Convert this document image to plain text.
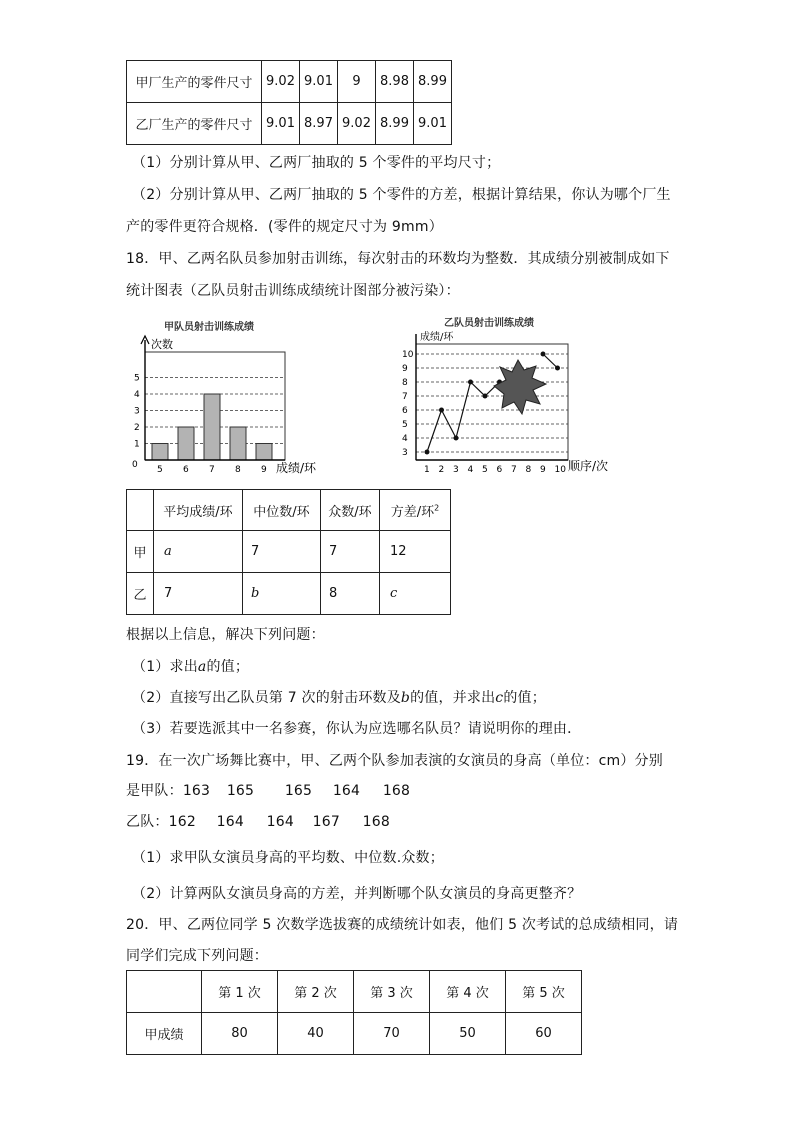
甲厂生产的零件尺寸	9.02	9.01	9	8.98	8.99
乙厂生产的零件尺寸	9.01	8.97	9.02	8.99	9.01
（1）分别计算从甲、乙两厂抽取的 5 个零件的平均尺寸；
（2）分别计算从甲、乙两厂抽取的 5 个零件的方差，根据计算结果，你认为哪个厂生
产的零件更符合规格．(零件的规定尺寸为 9mm）
18．甲、乙两名队员参加射击训练，每次射击的环数均为整数．其成绩分别被制成如下
统计图表（乙队员射击训练成绩统计图部分被污染）：
甲队员射击训练成绩
1
2
3
4
5
5 6 7 8 9
次数
成绩/环
0
乙队员射击训练成绩
3
4
5
6
7
8
9
10
1 2 3 4 5 6 7 8 9 10
成绩/环
顺序/次
	平均成绩/环	中位数/环	众数/环	方差/环$^2$
甲	a	7	7	12
乙	7	b	8	c
根据以上信息，解决下列问题：
（1）求出a的值；
（2）直接写出乙队员第 7 次的射击环数及b的值，并求出c的值；
（3）若要选派其中一名参赛，你认为应选哪名队员？请说明你的理由．
19．在一次广场舞比赛中，甲、乙两个队参加表演的女演员的身高（单位：cm）分别
是甲队：163 165 165 164 168
乙队：162 164 164 167 168
（1）求甲队女演员身高的平均数、中位数.众数；
（2）计算两队女演员身高的方差，并判断哪个队女演员的身高更整齐？
20．甲、乙两位同学 5 次数学选拔赛的成绩统计如表，他们 5 次考试的总成绩相同，请
同学们完成下列问题：
	第 1 次	第 2 次	第 3 次	第 4 次	第 5 次
甲成绩	80	40	70	50	60
